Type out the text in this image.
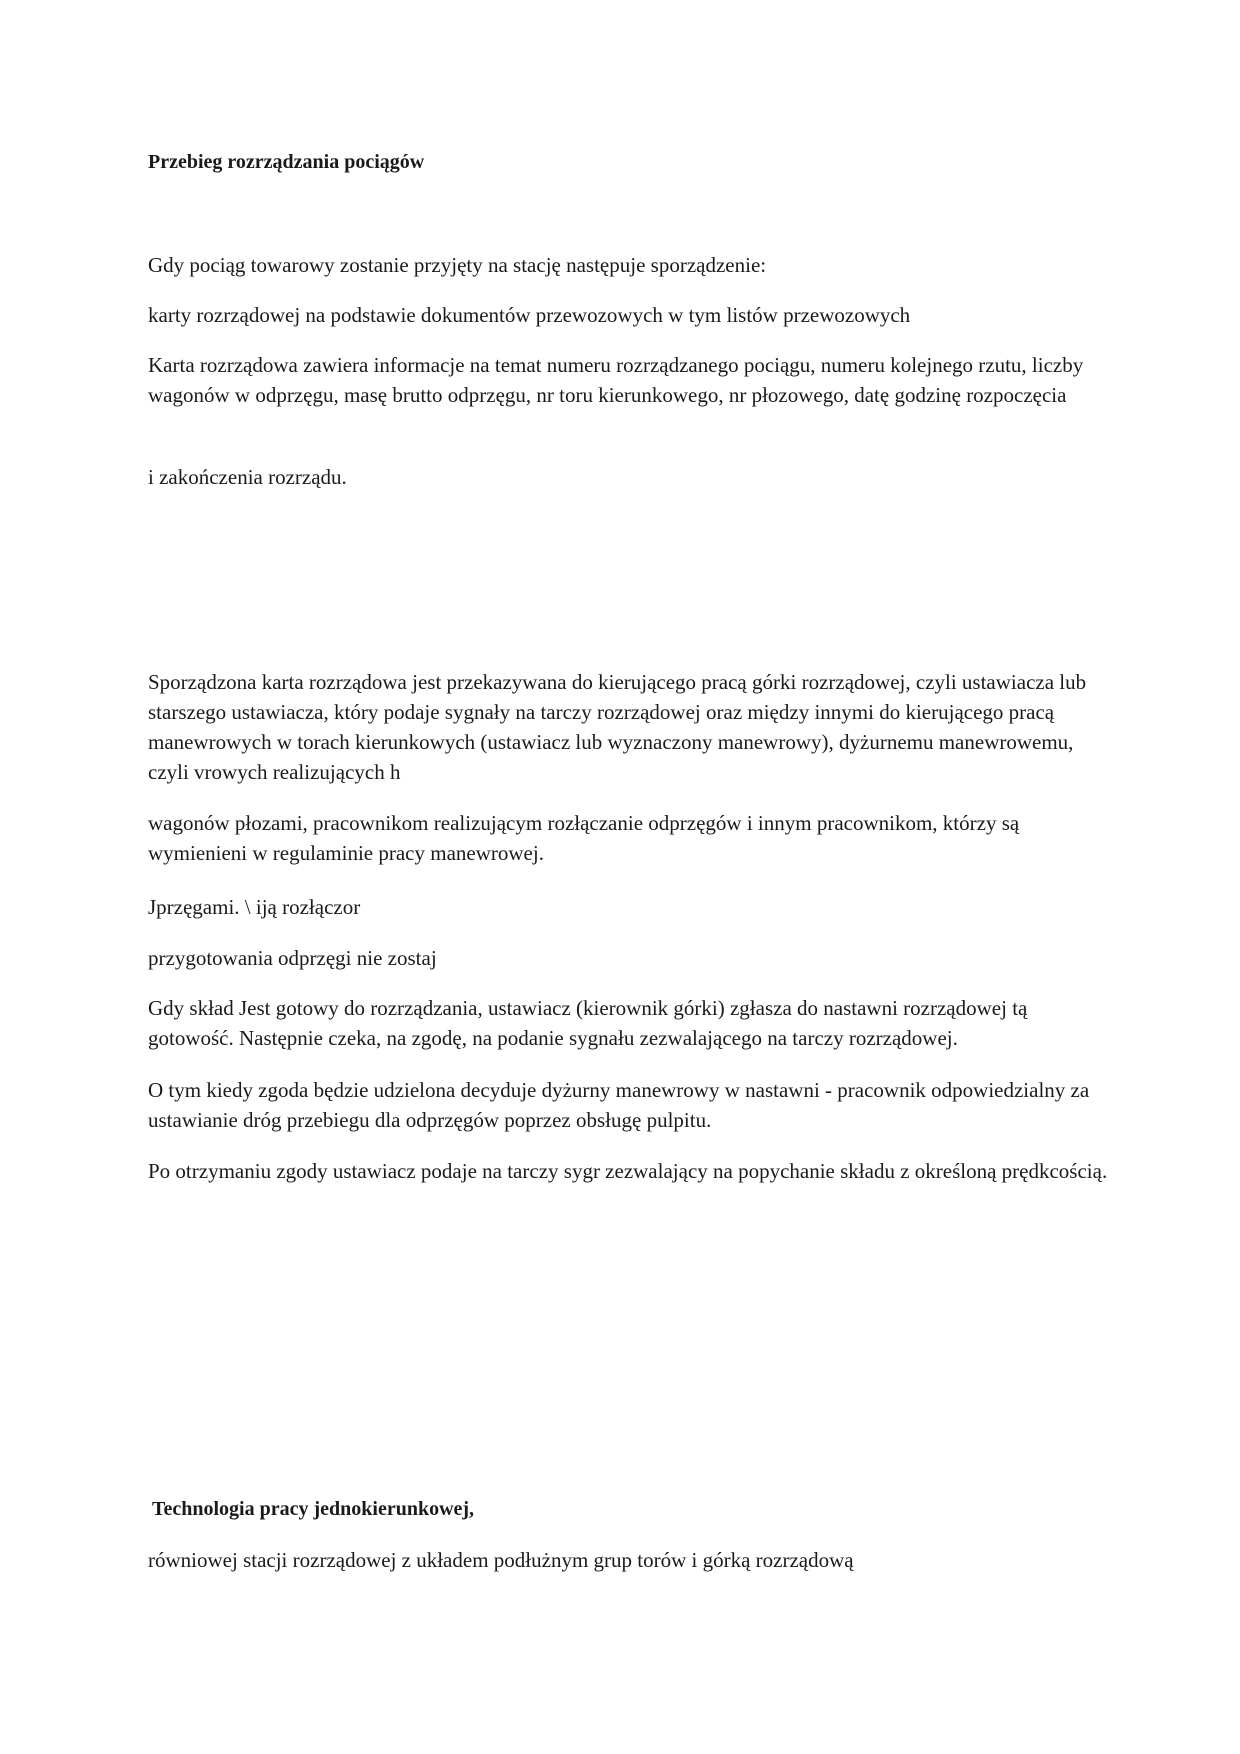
Przebieg rozrządzania pociągów
Gdy pociąg towarowy zostanie przyjęty na stację następuje sporządzenie:
karty rozrządowej na podstawie dokumentów przewozowych w tym listów przewozowych
Karta rozrządowa zawiera informacje na temat numeru rozrządzanego pociągu, numeru kolejnego rzutu, liczby wagonów w odprzęgu, masę brutto odprzęgu, nr toru kierunkowego, nr płozowego, datę godzinę rozpoczęcia
i zakończenia rozrządu.
Sporządzona karta rozrządowa jest przekazywana do kierującego pracą górki rozrządowej, czyli ustawiacza lub starszego ustawiacza, który podaje sygnały na tarczy rozrządowej oraz między innymi do kierującego pracą manewrowych w torach kierunkowych (ustawiacz lub wyznaczony manewrowy), dyżurnemu manewrowemu, czyli vrowych realizujących h
wagonów płozami, pracownikom realizującym rozłączanie odprzęgów i innym pracownikom, którzy są wymienieni w regulaminie pracy manewrowej.
Jprzęgami. \ iją rozłączor
przygotowania odprzęgi nie zostaj
Gdy skład Jest gotowy do rozrządzania, ustawiacz (kierownik górki) zgłasza do nastawni rozrządowej tą gotowość. Następnie czeka, na zgodę, na podanie sygnału zezwalającego na tarczy rozrządowej.
O tym kiedy zgoda będzie udzielona decyduje dyżurny manewrowy w nastawni - pracownik odpowiedzialny za ustawianie dróg przebiegu dla odprzęgów poprzez obsługę pulpitu.
Po otrzymaniu zgody ustawiacz podaje na tarczy sygr zezwalający na popychanie składu z określoną prędkcością.
Technologia pracy jednokierunkowej,
równiowej stacji rozrządowej z układem podłużnym grup torów i górką rozrządową
